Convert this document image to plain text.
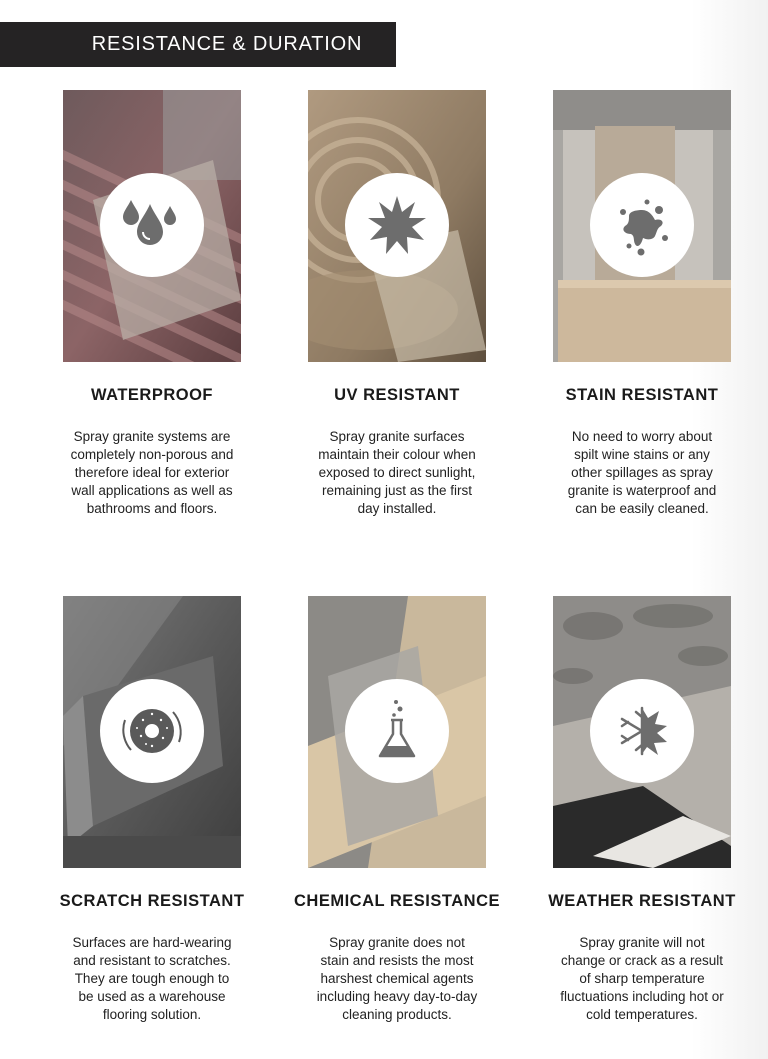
RESISTANCE & DURATION
WATERPROOF
Spray granite systems are
completely non-porous and
therefore ideal for exterior
wall applications as well as
bathrooms and floors.
UV RESISTANT
Spray granite surfaces
maintain their colour when
exposed to direct sunlight,
remaining just as the first
day installed.
STAIN RESISTANT
No need to worry about
spilt wine stains or any
other spillages as spray
granite is waterproof and
can be easily cleaned.
SCRATCH RESISTANT
Surfaces are hard-wearing
and resistant to scratches.
They are tough enough to
be used as a warehouse
flooring solution.
CHEMICAL RESISTANCE
Spray granite does not
stain and resists the most
harshest chemical agents
including heavy day-to-day
cleaning products.
WEATHER RESISTANT
Spray granite will not
change or crack as a result
of sharp temperature
fluctuations including hot or
cold temperatures.
